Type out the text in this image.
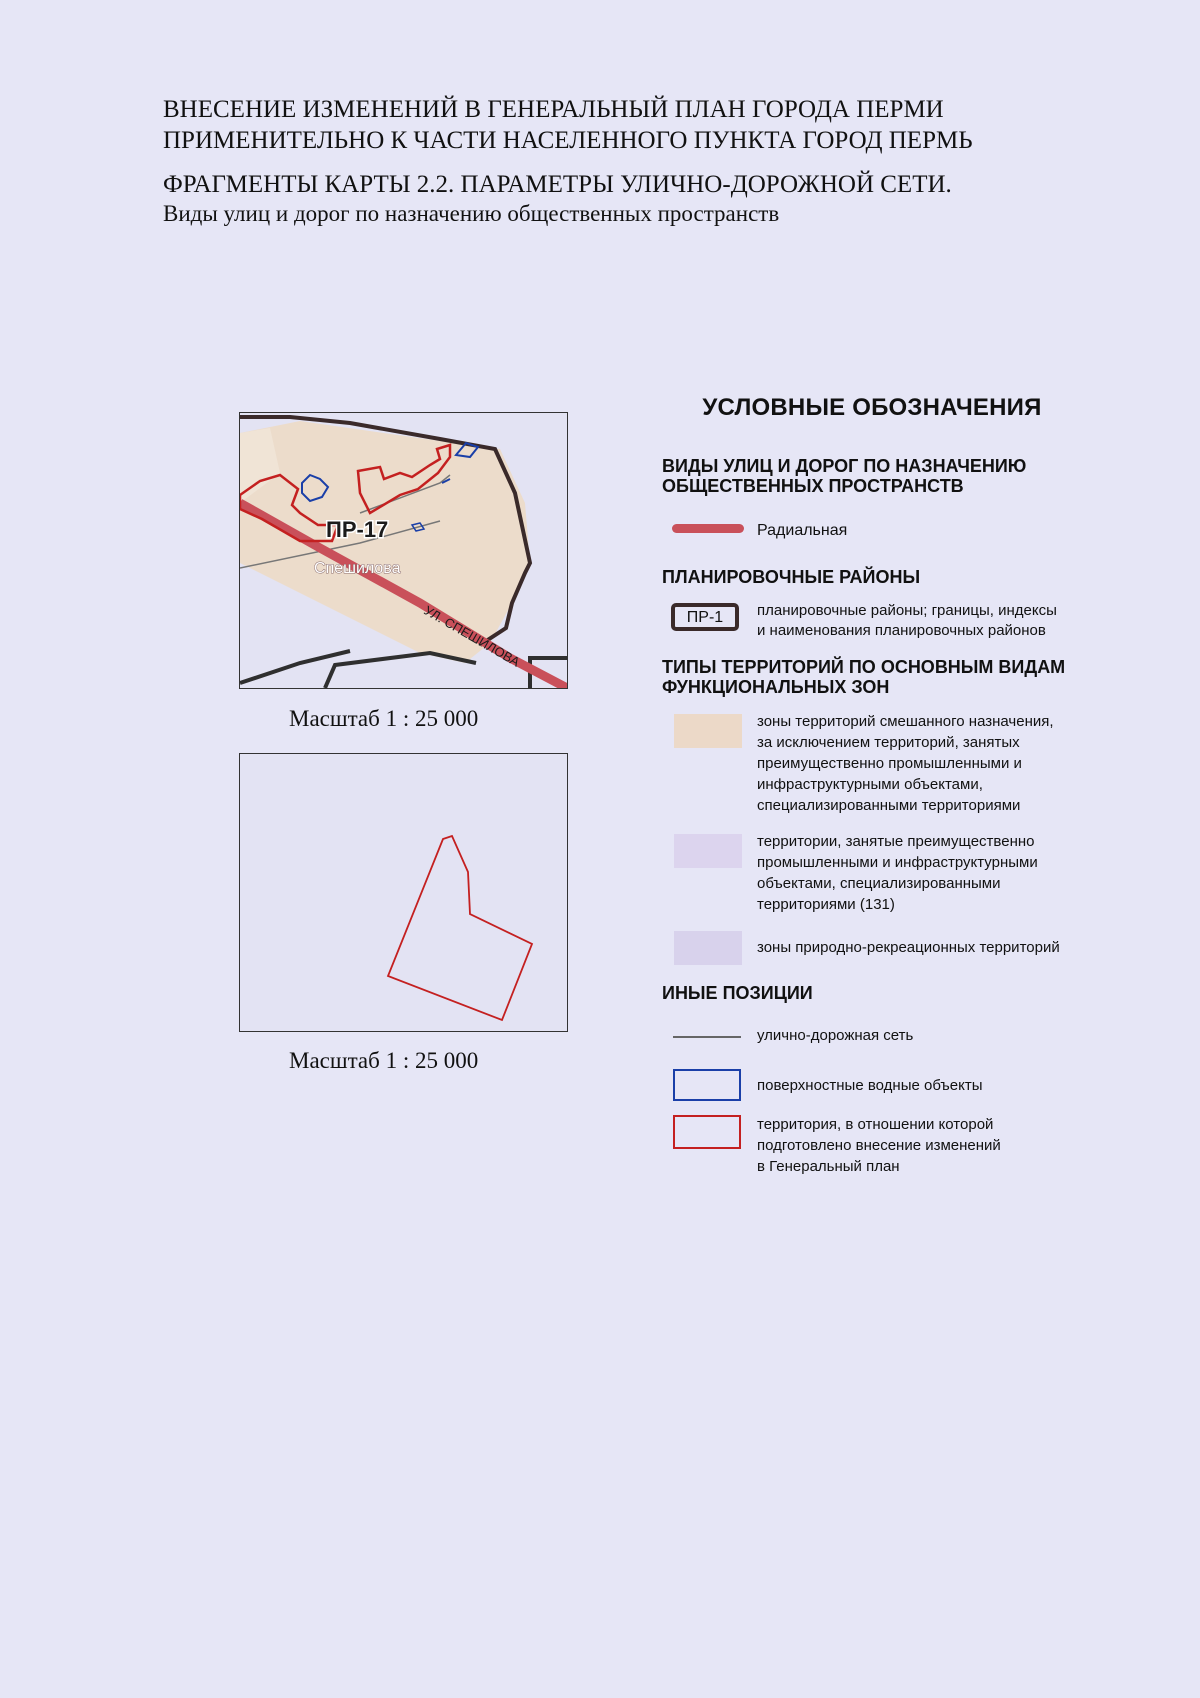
ВНЕСЕНИЕ ИЗМЕНЕНИЙ В ГЕНЕРАЛЬНЫЙ ПЛАН ГОРОДА ПЕРМИ

ПРИМЕНИТЕЛЬНО К ЧАСТИ НАСЕЛЕННОГО ПУНКТА ГОРОД ПЕРМЬ

ФРАГМЕНТЫ КАРТЫ 2.2. ПАРАМЕТРЫ УЛИЧНО-ДОРОЖНОЙ СЕТИ.

Виды улиц и дорог по назначению общественных пространств

ПР-17
Спешилова
УЛ. СПЕШИЛОВА
Масштаб 1 : 25 000
Масштаб 1 : 25 000
УСЛОВНЫЕ ОБОЗНАЧЕНИЯ
ВИДЫ УЛИЦ И ДОРОГ ПО НАЗНАЧЕНИЮ ОБЩЕСТВЕННЫХ ПРОСТРАНСТВ
Радиальная
ПЛАНИРОВОЧНЫЕ РАЙОНЫ
ПР-1	планировочные районы; границы, индексы
и наименования планировочных районов
ТИПЫ ТЕРРИТОРИЙ ПО ОСНОВНЫМ ВИДАМ
ФУНКЦИОНАЛЬНЫХ ЗОН
зоны территорий смешанного назначения,
за исключением территорий, занятых
преимущественно промышленными и
инфраструктурными объектами,
специализированными территориями
территории, занятые преимущественно
промышленными и инфраструктурными
объектами, специализированными
территориями (131)
зоны природно-рекреационных территорий
ИНЫЕ ПОЗИЦИИ
улично-дорожная сеть
поверхностные водные объекты
территория, в отношении которой
подготовлено внесение изменений
в Генеральный план
